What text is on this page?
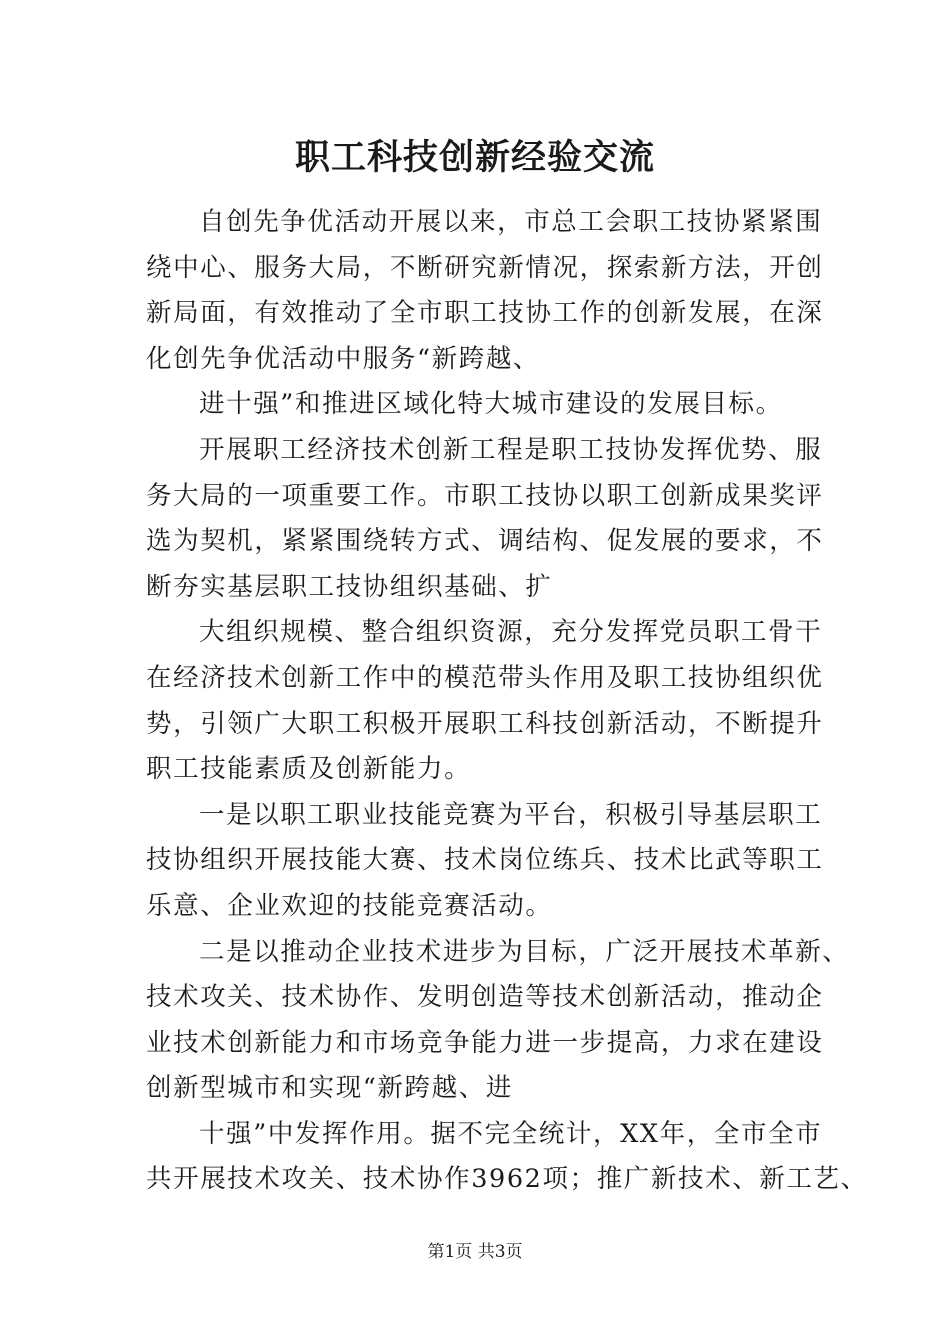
职工科技创新经验交流
自创先争优活动开展以来，市总工会职工技协紧紧围
绕中心、服务大局，不断研究新情况，探索新方法，开创
新局面，有效推动了全市职工技协工作的创新发展，在深
化创先争优活动中服务“新跨越、
进十强”和推进区域化特大城市建设的发展目标。
开展职工经济技术创新工程是职工技协发挥优势、服
务大局的一项重要工作。市职工技协以职工创新成果奖评
选为契机，紧紧围绕转方式、调结构、促发展的要求，不
断夯实基层职工技协组织基础、扩
大组织规模、整合组织资源，充分发挥党员职工骨干
在经济技术创新工作中的模范带头作用及职工技协组织优
势，引领广大职工积极开展职工科技创新活动，不断提升
职工技能素质及创新能力。
一是以职工职业技能竞赛为平台，积极引导基层职工
技协组织开展技能大赛、技术岗位练兵、技术比武等职工
乐意、企业欢迎的技能竞赛活动。
二是以推动企业技术进步为目标，广泛开展技术革新、
技术攻关、技术协作、发明创造等技术创新活动，推动企
业技术创新能力和市场竞争能力进一步提高，力求在建设
创新型城市和实现“新跨越、进
十强”中发挥作用。据不完全统计，XX年，全市全市
共开展技术攻关、技术协作3962项；推广新技术、新工艺、
第1页 共3页
